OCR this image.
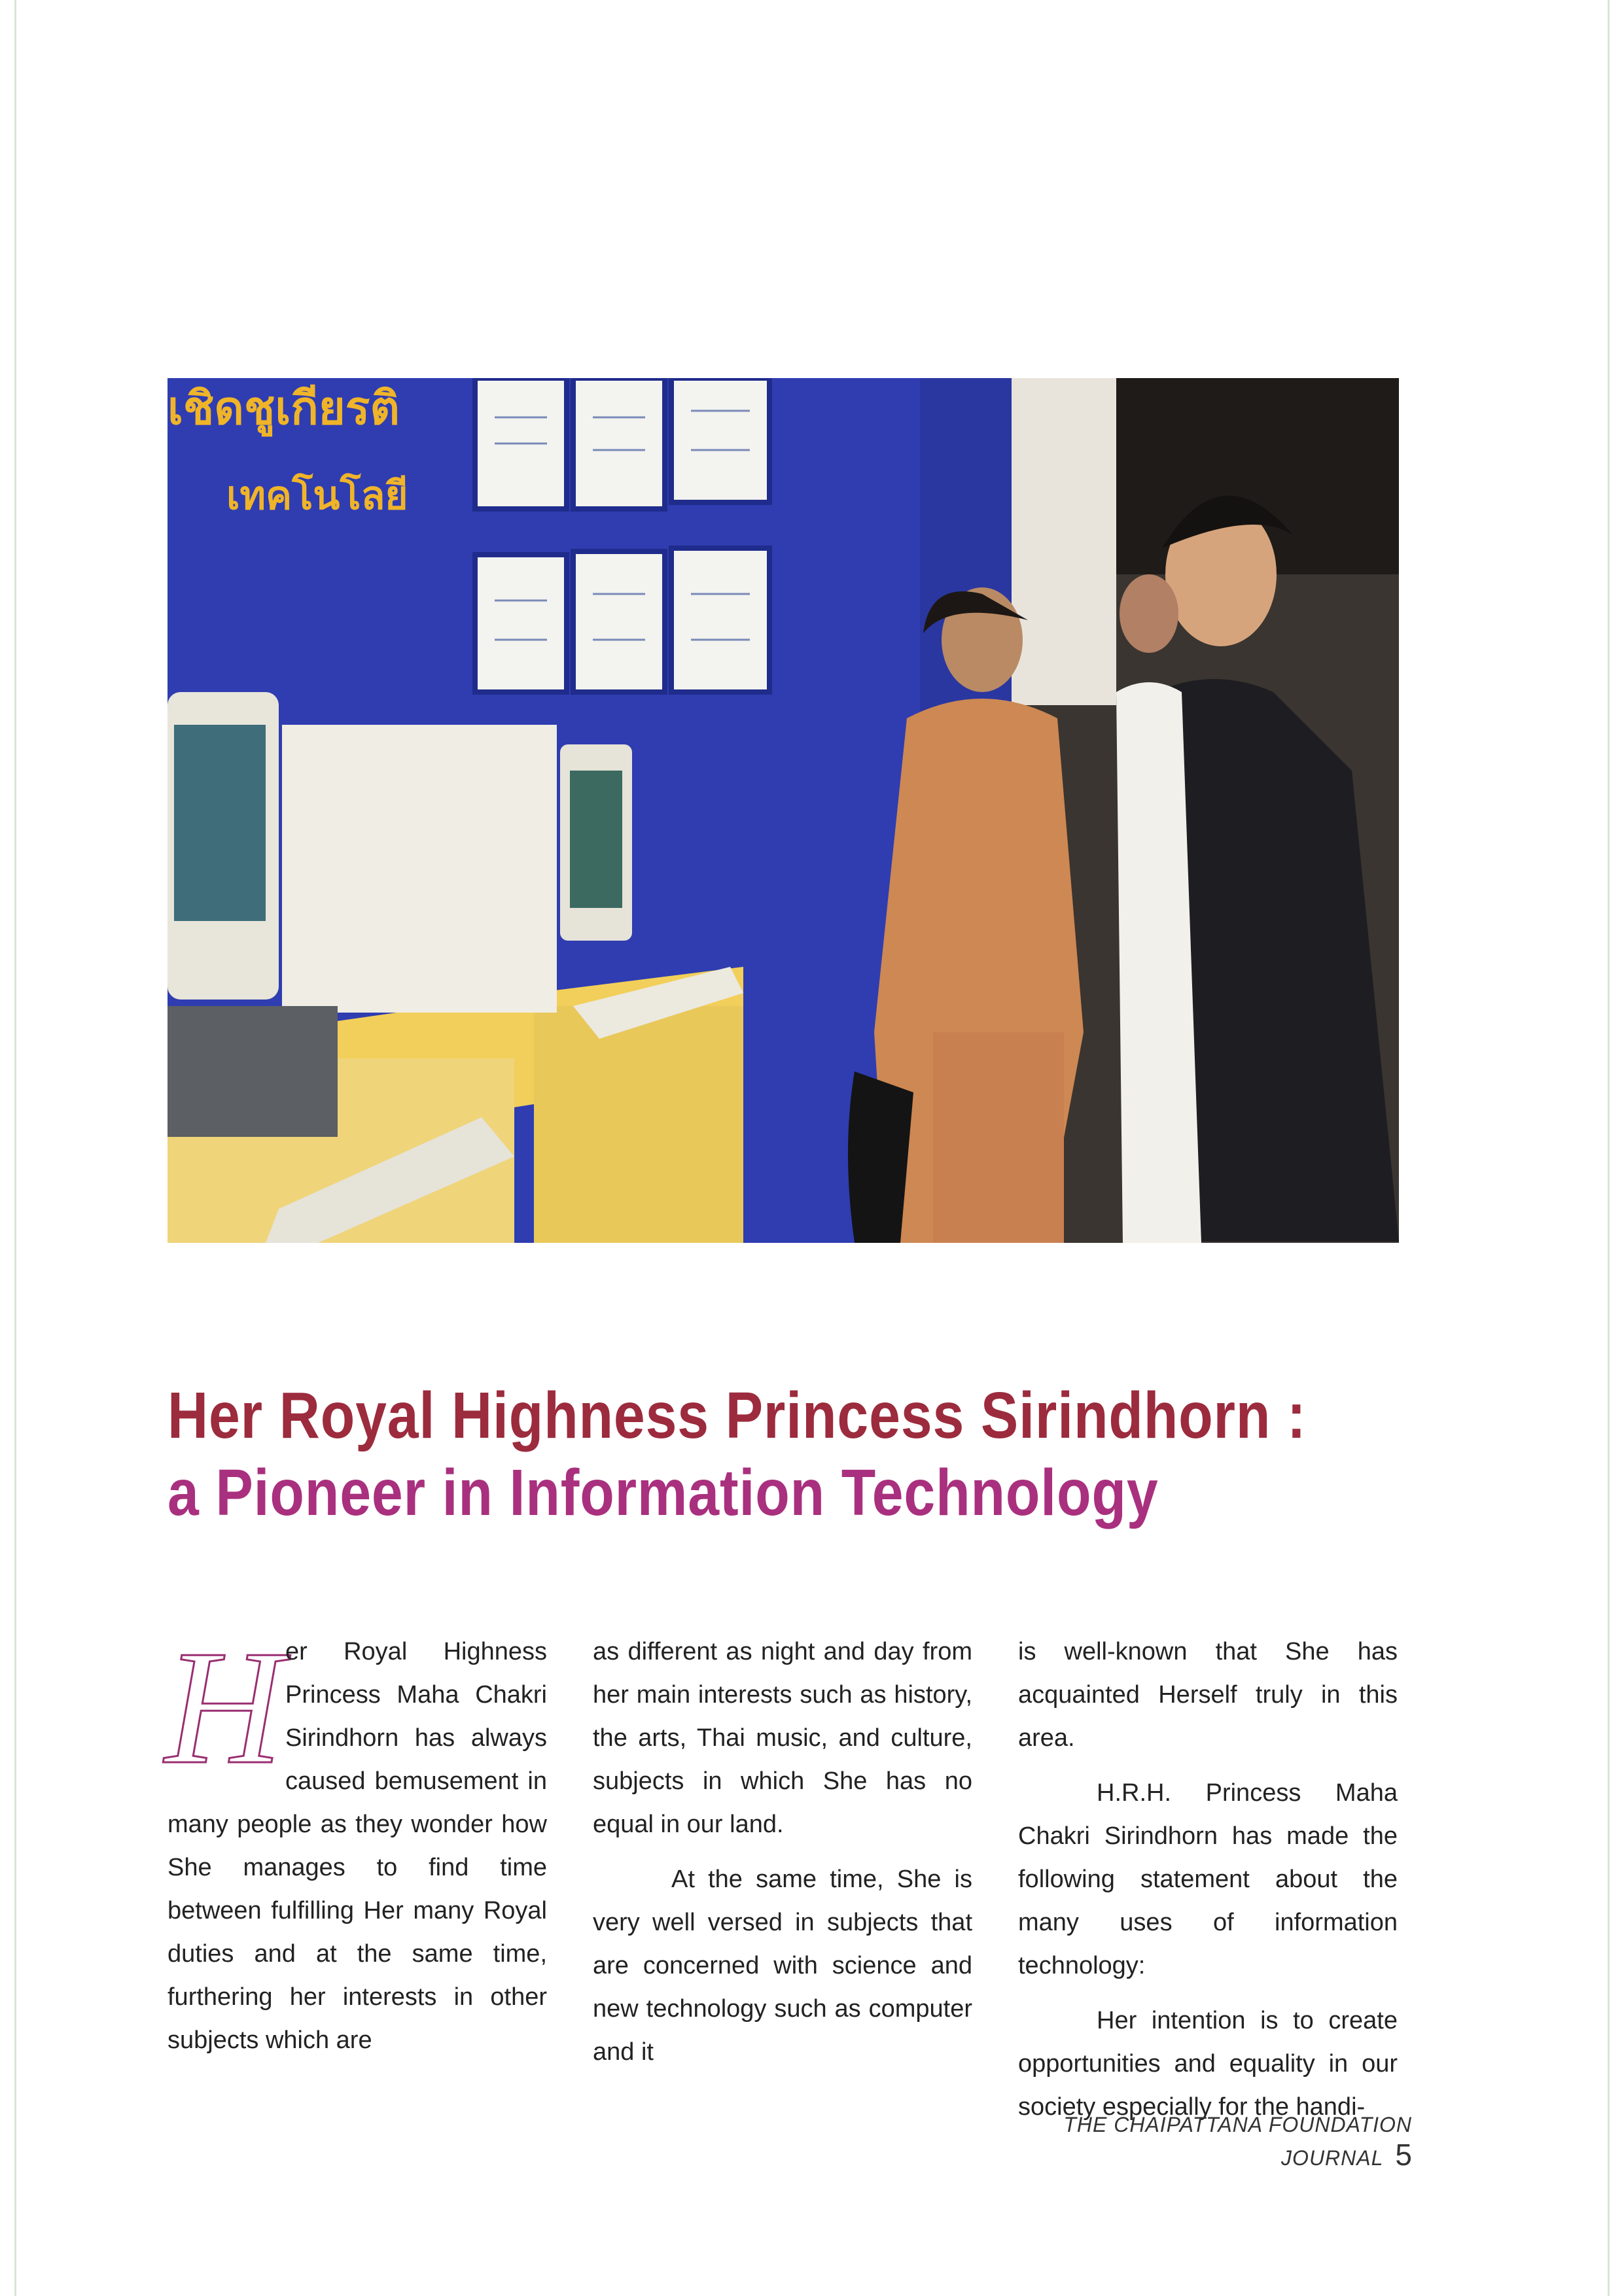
เชิดชูเกียรติ
เทคโนโลยี
Her Royal Highness Princess Sirindhorn :
a Pioneer in Information Technology

H er Royal Highness Princess Maha Chakri Sirindhorn has always caused bemusement in many people as they wonder how She manages to find time between fulfilling Her many Royal duties and at the same time, furthering her interests in other subjects which are

as different as night and day from her main interests such as history, the arts, Thai music, and culture, subjects in which She has no equal in our land.

At the same time, She is very well versed in subjects that are concerned with science and new technology such as computer and it

is well-known that She has acquainted Herself truly in this area.

H.R.H. Princess Maha Chakri Sirindhorn has made the following statement about the many uses of information technology:

Her intention is to create opportunities and equality in our society especially for the handi-

THE CHAIPATTANA FOUNDATION JOURNAL 5
